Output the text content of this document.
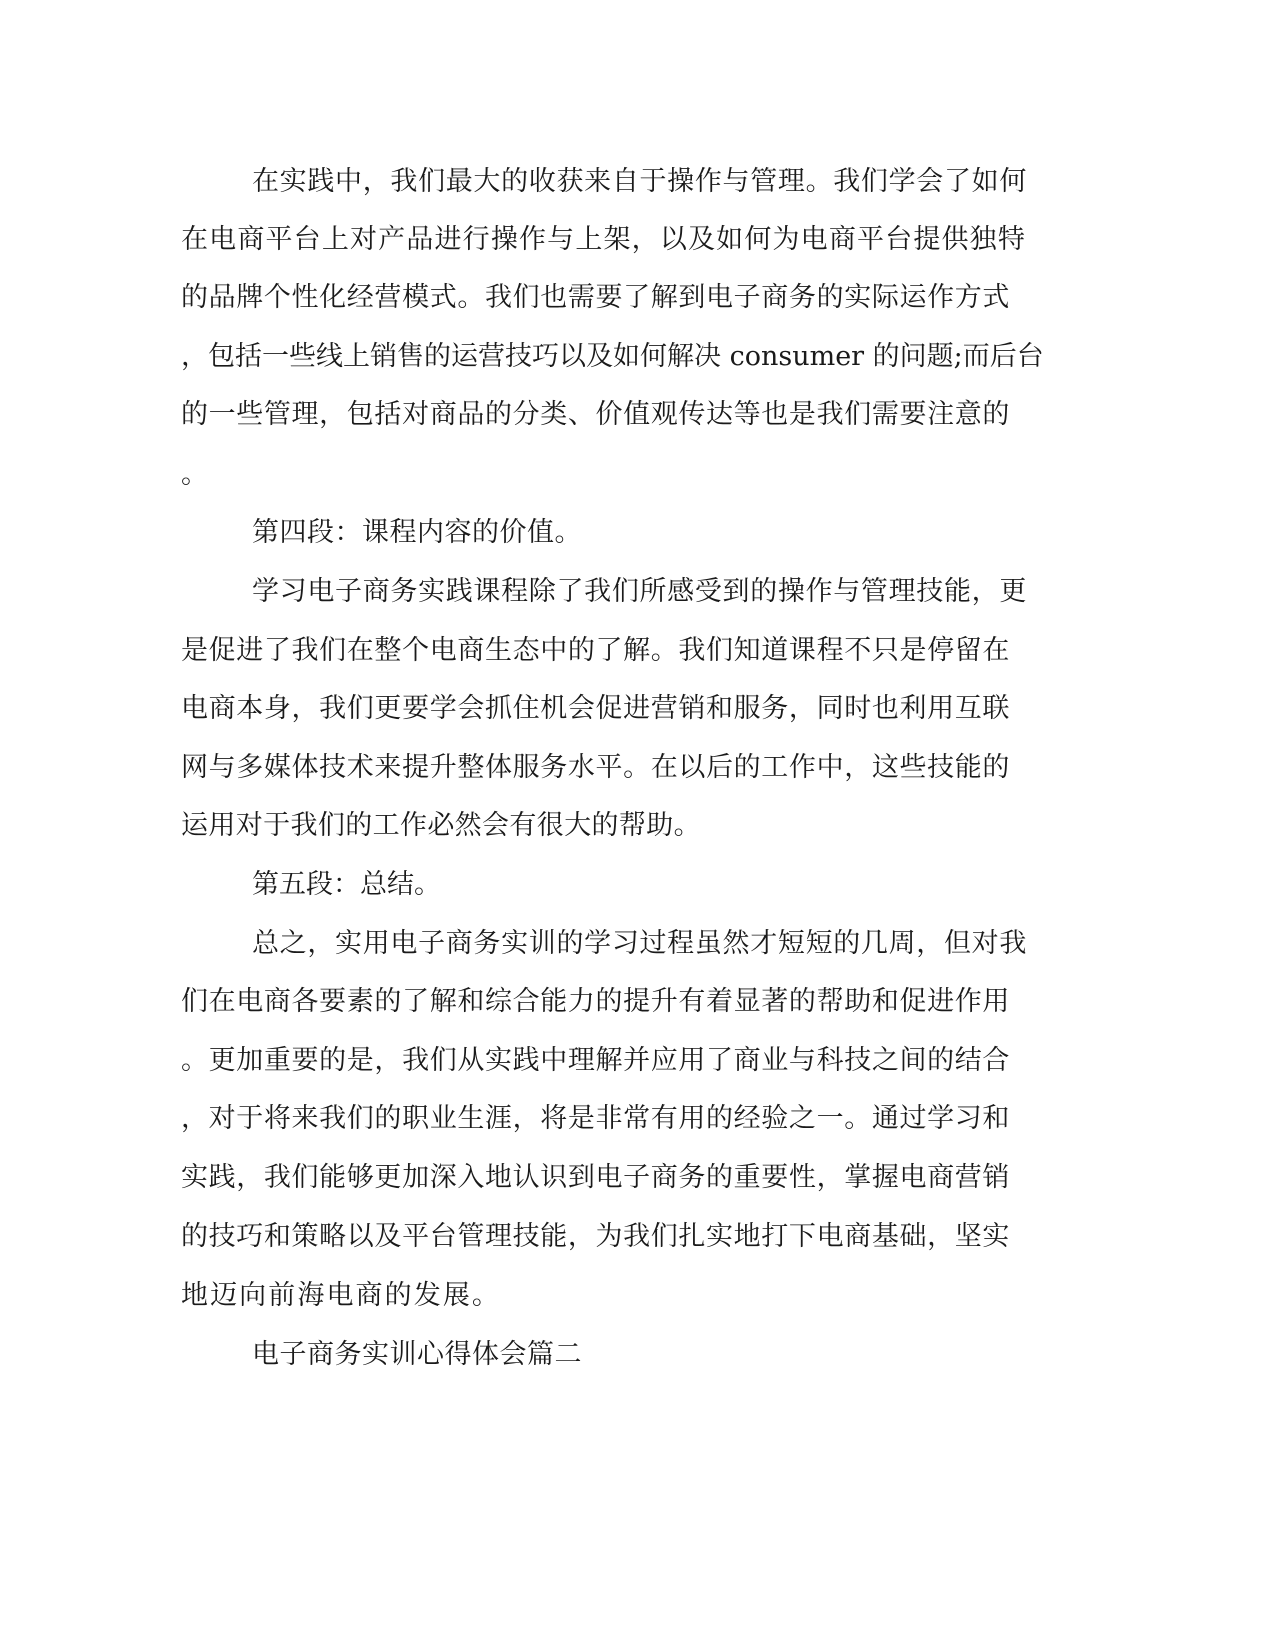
在实践中，我们最大的收获来自于操作与管理。我们学会了如何

在电商平台上对产品进行操作与上架，以及如何为电商平台提供独特

的品牌个性化经营模式。我们也需要了解到电子商务的实际运作方式

，包括一些线上销售的运营技巧以及如何解决 consumer 的问题;而后台

的一些管理，包括对商品的分类、价值观传达等也是我们需要注意的

。

第四段：课程内容的价值。

学习电子商务实践课程除了我们所感受到的操作与管理技能，更

是促进了我们在整个电商生态中的了解。我们知道课程不只是停留在

电商本身，我们更要学会抓住机会促进营销和服务，同时也利用互联

网与多媒体技术来提升整体服务水平。在以后的工作中，这些技能的

运用对于我们的工作必然会有很大的帮助。

第五段：总结。

总之，实用电子商务实训的学习过程虽然才短短的几周，但对我

们在电商各要素的了解和综合能力的提升有着显著的帮助和促进作用

。更加重要的是，我们从实践中理解并应用了商业与科技之间的结合

，对于将来我们的职业生涯，将是非常有用的经验之一。通过学习和

实践，我们能够更加深入地认识到电子商务的重要性，掌握电商营销

的技巧和策略以及平台管理技能，为我们扎实地打下电商基础，坚实

地迈向前海电商的发展。

电子商务实训心得体会篇二
